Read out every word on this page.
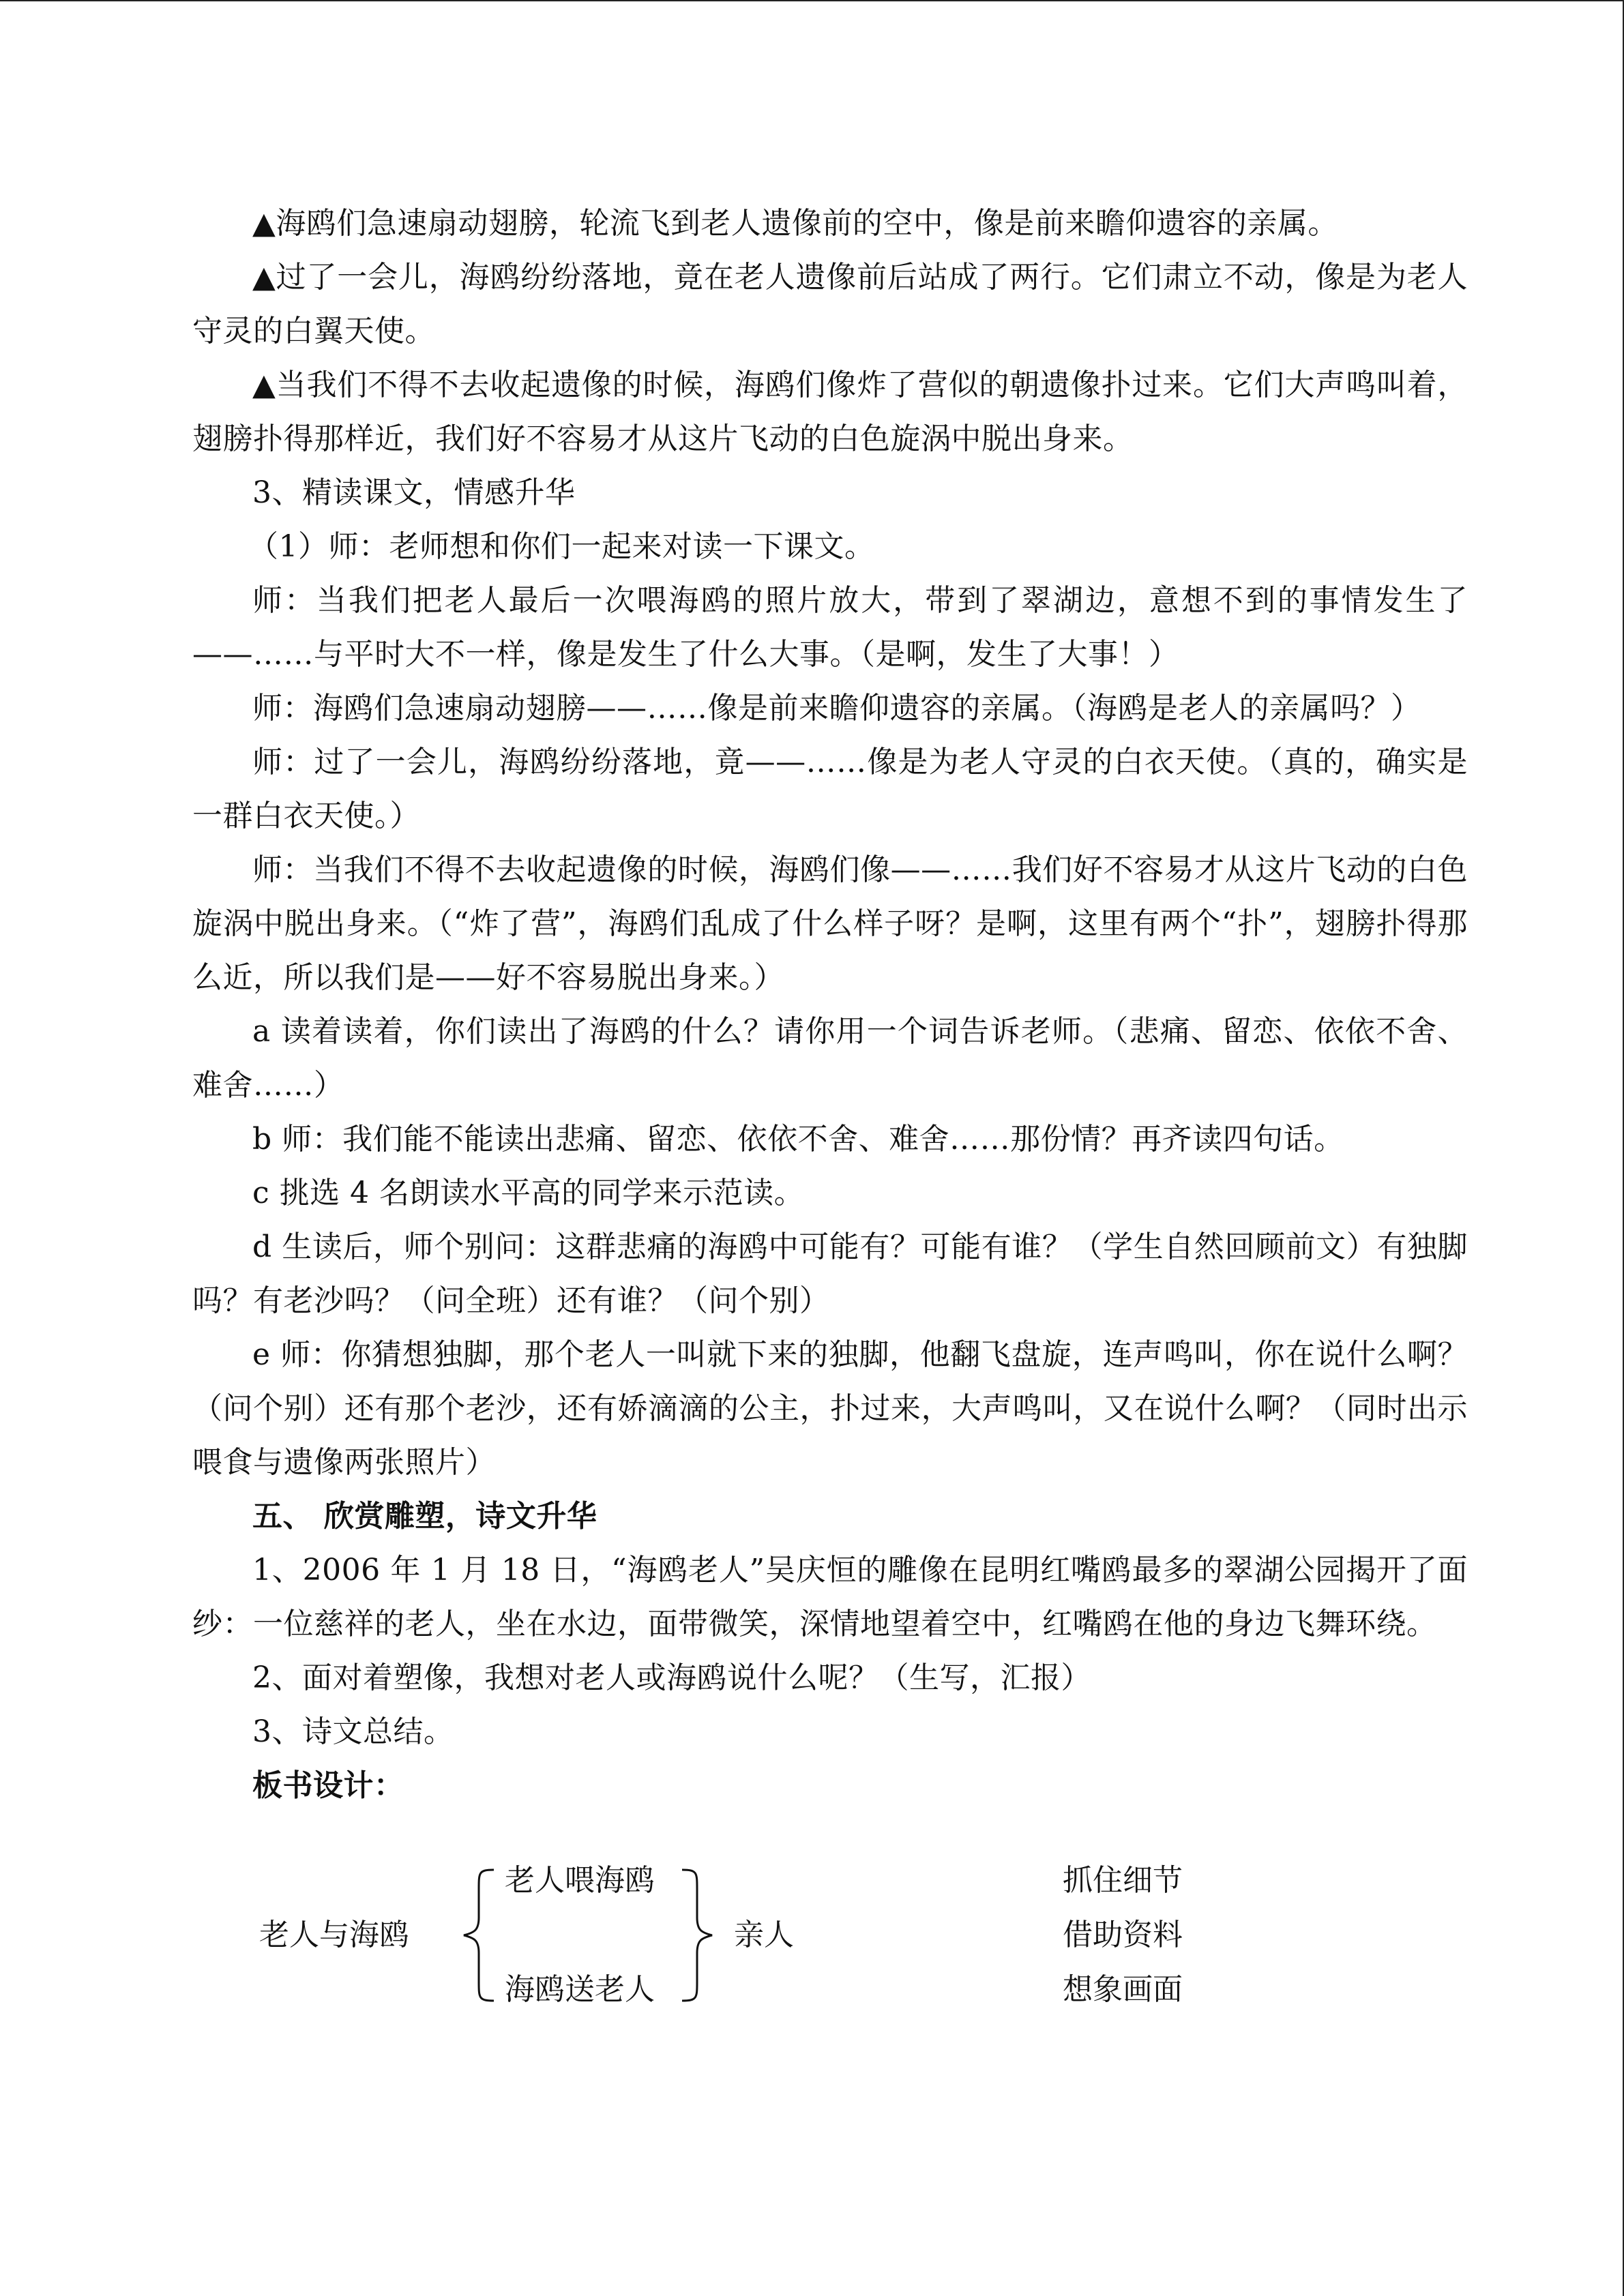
▲海鸥们急速扇动翅膀，轮流飞到老人遗像前的空中，像是前来瞻仰遗容的亲属。

▲过了一会儿，海鸥纷纷落地，竟在老人遗像前后站成了两行。它们肃立不动，像是为老人守灵的白翼天使。

▲当我们不得不去收起遗像的时候，海鸥们像炸了营似的朝遗像扑过来。它们大声鸣叫着，翅膀扑得那样近，我们好不容易才从这片飞动的白色旋涡中脱出身来。

3、精读课文，情感升华

（1）师：老师想和你们一起来对读一下课文。

师：当我们把老人最后一次喂海鸥的照片放大，带到了翠湖边，意想不到的事情发生了——……与平时大不一样，像是发生了什么大事。（是啊，发生了大事！）

师：海鸥们急速扇动翅膀——……像是前来瞻仰遗容的亲属。（海鸥是老人的亲属吗？）

师：过了一会儿，海鸥纷纷落地，竟——……像是为老人守灵的白衣天使。（真的，确实是一群白衣天使。）

师：当我们不得不去收起遗像的时候，海鸥们像——……我们好不容易才从这片飞动的白色旋涡中脱出身来。（“炸了营”，海鸥们乱成了什么样子呀？是啊，这里有两个“扑”，翅膀扑得那么近，所以我们是——好不容易脱出身来。）

a 读着读着，你们读出了海鸥的什么？请你用一个词告诉老师。（悲痛、留恋、依依不舍、难舍……）

b 师：我们能不能读出悲痛、留恋、依依不舍、难舍……那份情？再齐读四句话。

c 挑选 4 名朗读水平高的同学来示范读。

d 生读后，师个别问：这群悲痛的海鸥中可能有？可能有谁？（学生自然回顾前文）有独脚吗？有老沙吗？（问全班）还有谁？（问个别）

e 师：你猜想独脚，那个老人一叫就下来的独脚，他翻飞盘旋，连声鸣叫，你在说什么啊？（问个别）还有那个老沙，还有娇滴滴的公主，扑过来，大声鸣叫，又在说什么啊？（同时出示喂食与遗像两张照片）

五、 欣赏雕塑，诗文升华

1、2006 年 1 月 18 日，“海鸥老人”吴庆恒的雕像在昆明红嘴鸥最多的翠湖公园揭开了面纱：一位慈祥的老人，坐在水边，面带微笑，深情地望着空中，红嘴鸥在他的身边飞舞环绕。

2、面对着塑像，我想对老人或海鸥说什么呢？（生写，汇报）

3、诗文总结。

板书设计：

老人与海鸥
老人喂海鸥
海鸥送老人
亲人
抓住细节
借助资料
想象画面
